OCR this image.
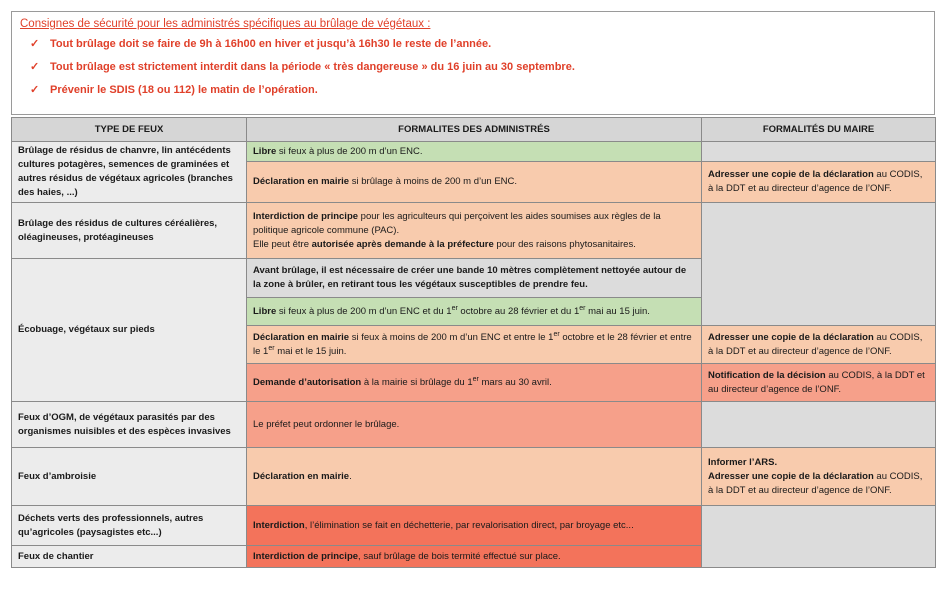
Consignes de sécurité pour les administrés spécifiques au brûlage de végétaux :
✓ Tout brûlage doit se faire de 9h à 16h00 en hiver et jusqu’à 16h30 le reste de l’année.
✓ Tout brûlage est strictement interdit dans la période « très dangereuse » du 16 juin au 30 septembre.
✓ Prévenir le SDIS (18 ou 112) le matin de l’opération.
TYPE DE FEUX	FORMALITES DES ADMINISTRÉS	FORMALITÉS DU MAIRE
Brûlage de résidus de chanvre, lin antécédents cultures potagères, semences de graminées et autres résidus de végétaux agricoles (branches des haies, ...)	Libre si feux à plus de 200 m d’un ENC.	
	Déclaration en mairie si brûlage à moins de 200 m d’un ENC.	Adresser une copie de la déclaration au CODIS, à la DDT et au directeur d’agence de l’ONF.
Brûlage des résidus de cultures céréalières, oléagineuses, protéagineuses	Interdiction de principe pour les agriculteurs qui perçoivent les aides soumises aux règles de la politique agricole commune (PAC).
Elle peut être autorisée après demande à la préfecture pour des raisons phytosanitaires.	
Écobuage, végétaux sur pieds	Avant brûlage, il est nécessaire de créer une bande 10 mètres complètement nettoyée autour de la zone à brûler, en retirant tous les végétaux susceptibles de prendre feu.	
	Libre si feux à plus de 200 m d’un ENC et du 1er octobre au 28 février et du 1er mai au 15 juin.	
	Déclaration en mairie si feux à moins de 200 m d’un ENC et entre le 1er octobre et le 28 février et entre le 1er mai et le 15 juin.	Adresser une copie de la déclaration au CODIS, à la DDT et au directeur d’agence de l’ONF.
	Demande d’autorisation à la mairie si brûlage du 1er mars au 30 avril.	Notification de la décision au CODIS, à la DDT et au directeur d’agence de l’ONF.
Feux d’OGM, de végétaux parasités par des organismes nuisibles et des espèces invasives	Le préfet peut ordonner le brûlage.	
Feux d’ambroisie	Déclaration en mairie.	Informer l’ARS.
Adresser une copie de la déclaration au CODIS, à la DDT et au directeur d’agence de l’ONF.
Déchets verts des professionnels, autres qu’agricoles (paysagistes etc...)	Interdiction, l’élimination se fait en déchetterie, par revalorisation direct, par broyage etc...	
Feux de chantier	Interdiction de principe, sauf brûlage de bois termité effectué sur place.	
